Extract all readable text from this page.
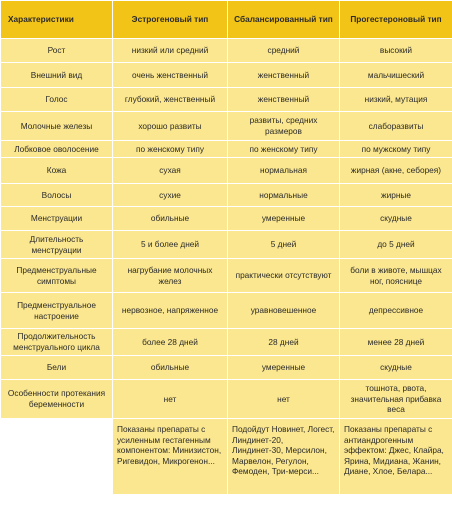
Характеристики	Эстрогеновый тип	Сбалансированный тип	Прогестероновый тип
Рост	низкий или средний	средний	высокий
Внешний вид	очень женственный	женственный	мальчишеский
Голос	глубокий, женственный	женственный	низкий, мутация
Молочные железы	хорошо развиты	развиты, средних размеров	слаборазвиты
Лобковое оволосение	по женскому типу	по женскому типу	по мужскому типу
Кожа	сухая	нормальная	жирная (акне, себорея)
Волосы	сухие	нормальные	жирные
Менструации	обильные	умеренные	скудные
Длительность менструации	5 и более дней	5 дней	до 5 дней
Предменструальные симптомы	нагрубание молочных желез	практически отсутствуют	боли в животе, мышцах ног, пояснице
Предменструальное настроение	нервозное, напряженное	уравновешенное	депрессивное
Продолжительность менструального цикла	более 28 дней	28 дней	менее 28 дней
Бели	обильные	умеренные	скудные
Особенности протекания беременности	нет	нет	тошнота, рвота, значительная прибавка веса
	Показаны препараты с усиленным гестагенным компонентом: Минизистон, Ригевидон, Микрогенон...	Подойдут Новинет, Логест, Линдинет-20, Линдинет-30, Мерсилон, Марвелон, Регулон, Фемоден, Три-мерси...	Показаны препараты с антиандрогенным эффектом: Джес, Клайра, Ярина, Мидиана, Жанин, Диане, Хлое, Белара...
